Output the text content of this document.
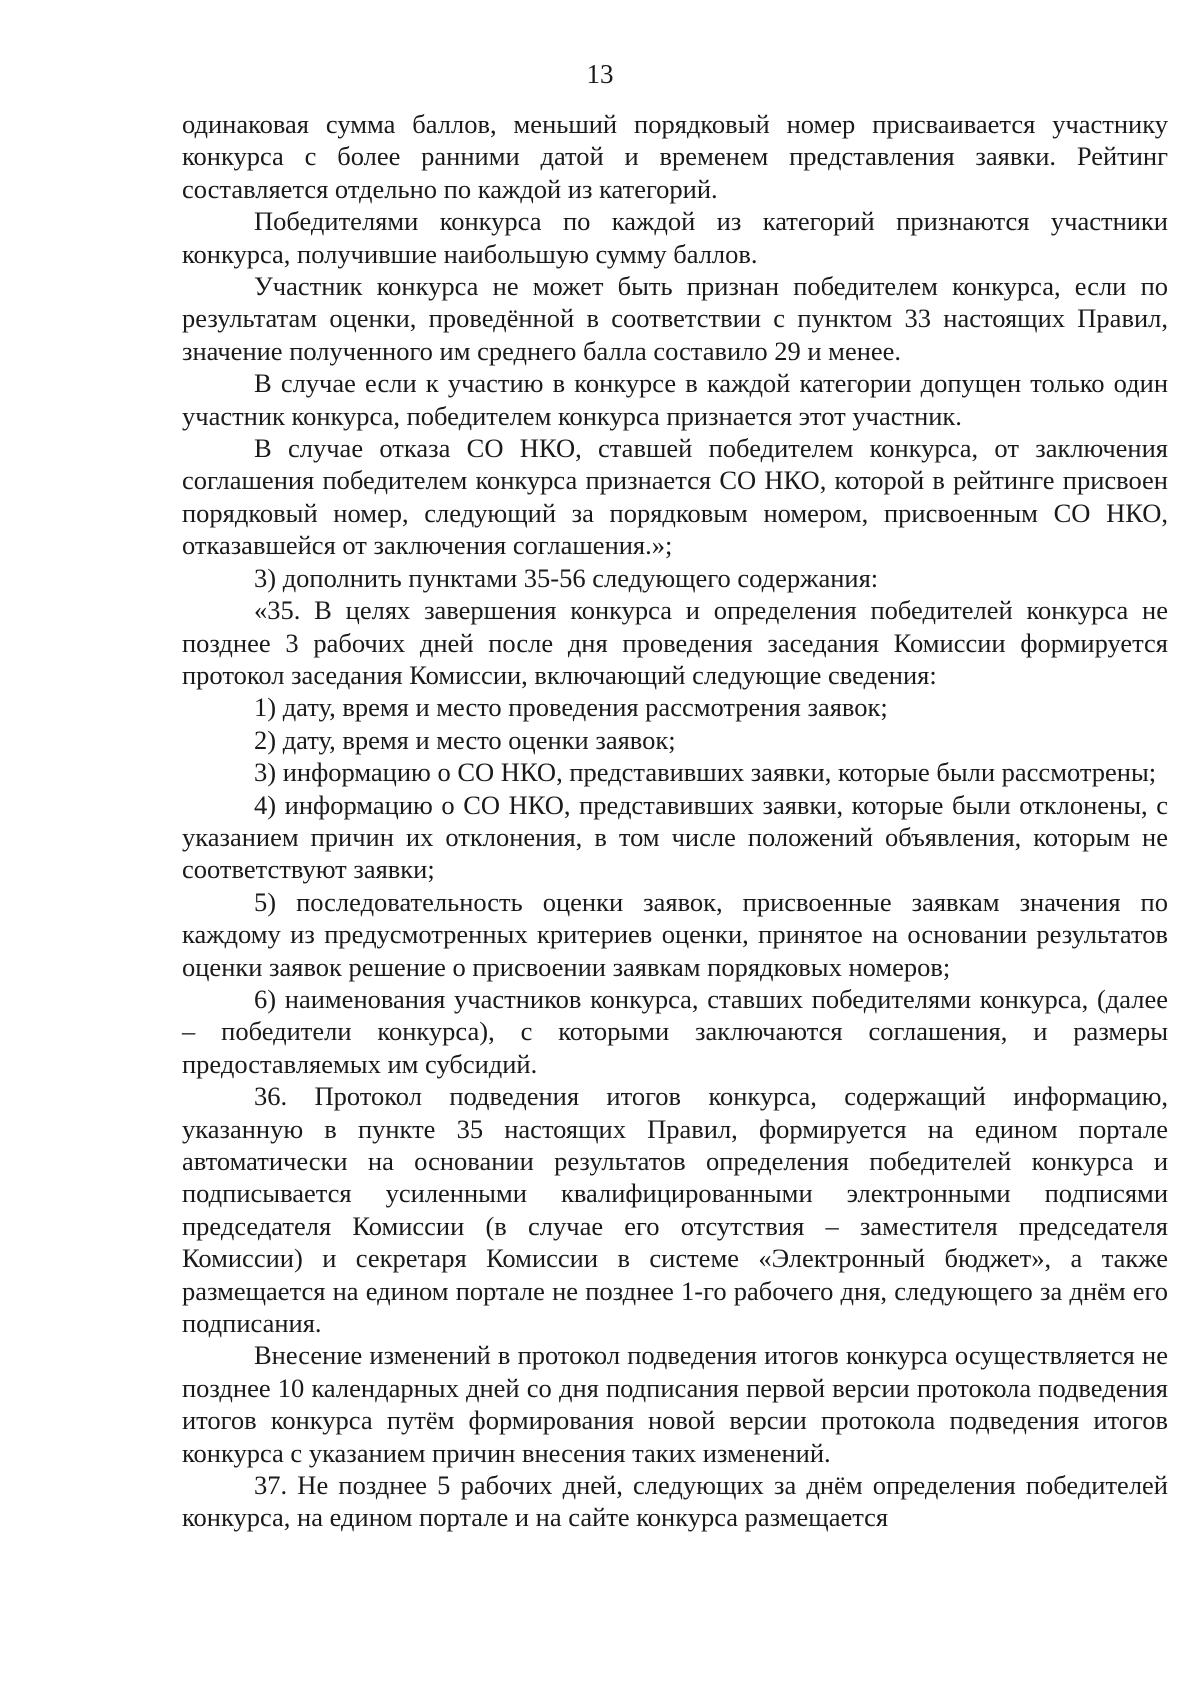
13

одинаковая сумма баллов, меньший порядковый номер присваивается участнику конкурса с более ранними датой и временем представления заявки. Рейтинг составляется отдельно по каждой из категорий.

Победителями конкурса по каждой из категорий признаются участники конкурса, получившие наибольшую сумму баллов.

Участник конкурса не может быть признан победителем конкурса, если по результатам оценки, проведённой в соответствии с пунктом 33 настоящих Правил, значение полученного им среднего балла составило 29 и менее.

В случае если к участию в конкурсе в каждой категории допущен только один участник конкурса, победителем конкурса признается этот участник.

В случае отказа СО НКО, ставшей победителем конкурса, от заключения соглашения победителем конкурса признается СО НКО, которой в рейтинге присвоен порядковый номер, следующий за порядковым номером, присвоенным СО НКО, отказавшейся от заключения соглашения.»;

3) дополнить пунктами 35-56 следующего содержания:

«35. В целях завершения конкурса и определения победителей конкурса не позднее 3 рабочих дней после дня проведения заседания Комиссии формируется протокол заседания Комиссии, включающий следующие сведения:

1) дату, время и место проведения рассмотрения заявок;

2) дату, время и место оценки заявок;

3) информацию о СО НКО, представивших заявки, которые были рассмотрены;

4) информацию о СО НКО, представивших заявки, которые были отклонены, с указанием причин их отклонения, в том числе положений объявления, которым не соответствуют заявки;

5) последовательность оценки заявок, присвоенные заявкам значения по каждому из предусмотренных критериев оценки, принятое на основании результатов оценки заявок решение о присвоении заявкам порядковых номеров;

6) наименования участников конкурса, ставших победителями конкурса, (далее – победители конкурса), с которыми заключаются соглашения, и размеры предоставляемых им субсидий.

36. Протокол подведения итогов конкурса, содержащий информацию, указанную в пункте 35 настоящих Правил, формируется на едином портале автоматически на основании результатов определения победителей конкурса и подписывается усиленными квалифицированными электронными подписями председателя Комиссии (в случае его отсутствия – заместителя председателя Комиссии) и секретаря Комиссии в системе «Электронный бюджет», а также размещается на едином портале не позднее 1-го рабочего дня, следующего за днём его подписания.

Внесение изменений в протокол подведения итогов конкурса осуществляется не позднее 10 календарных дней со дня подписания первой версии протокола подведения итогов конкурса путём формирования новой версии протокола подведения итогов конкурса с указанием причин внесения таких изменений.

37. Не позднее 5 рабочих дней, следующих за днём определения победителей конкурса, на едином портале и на сайте конкурса размещается
